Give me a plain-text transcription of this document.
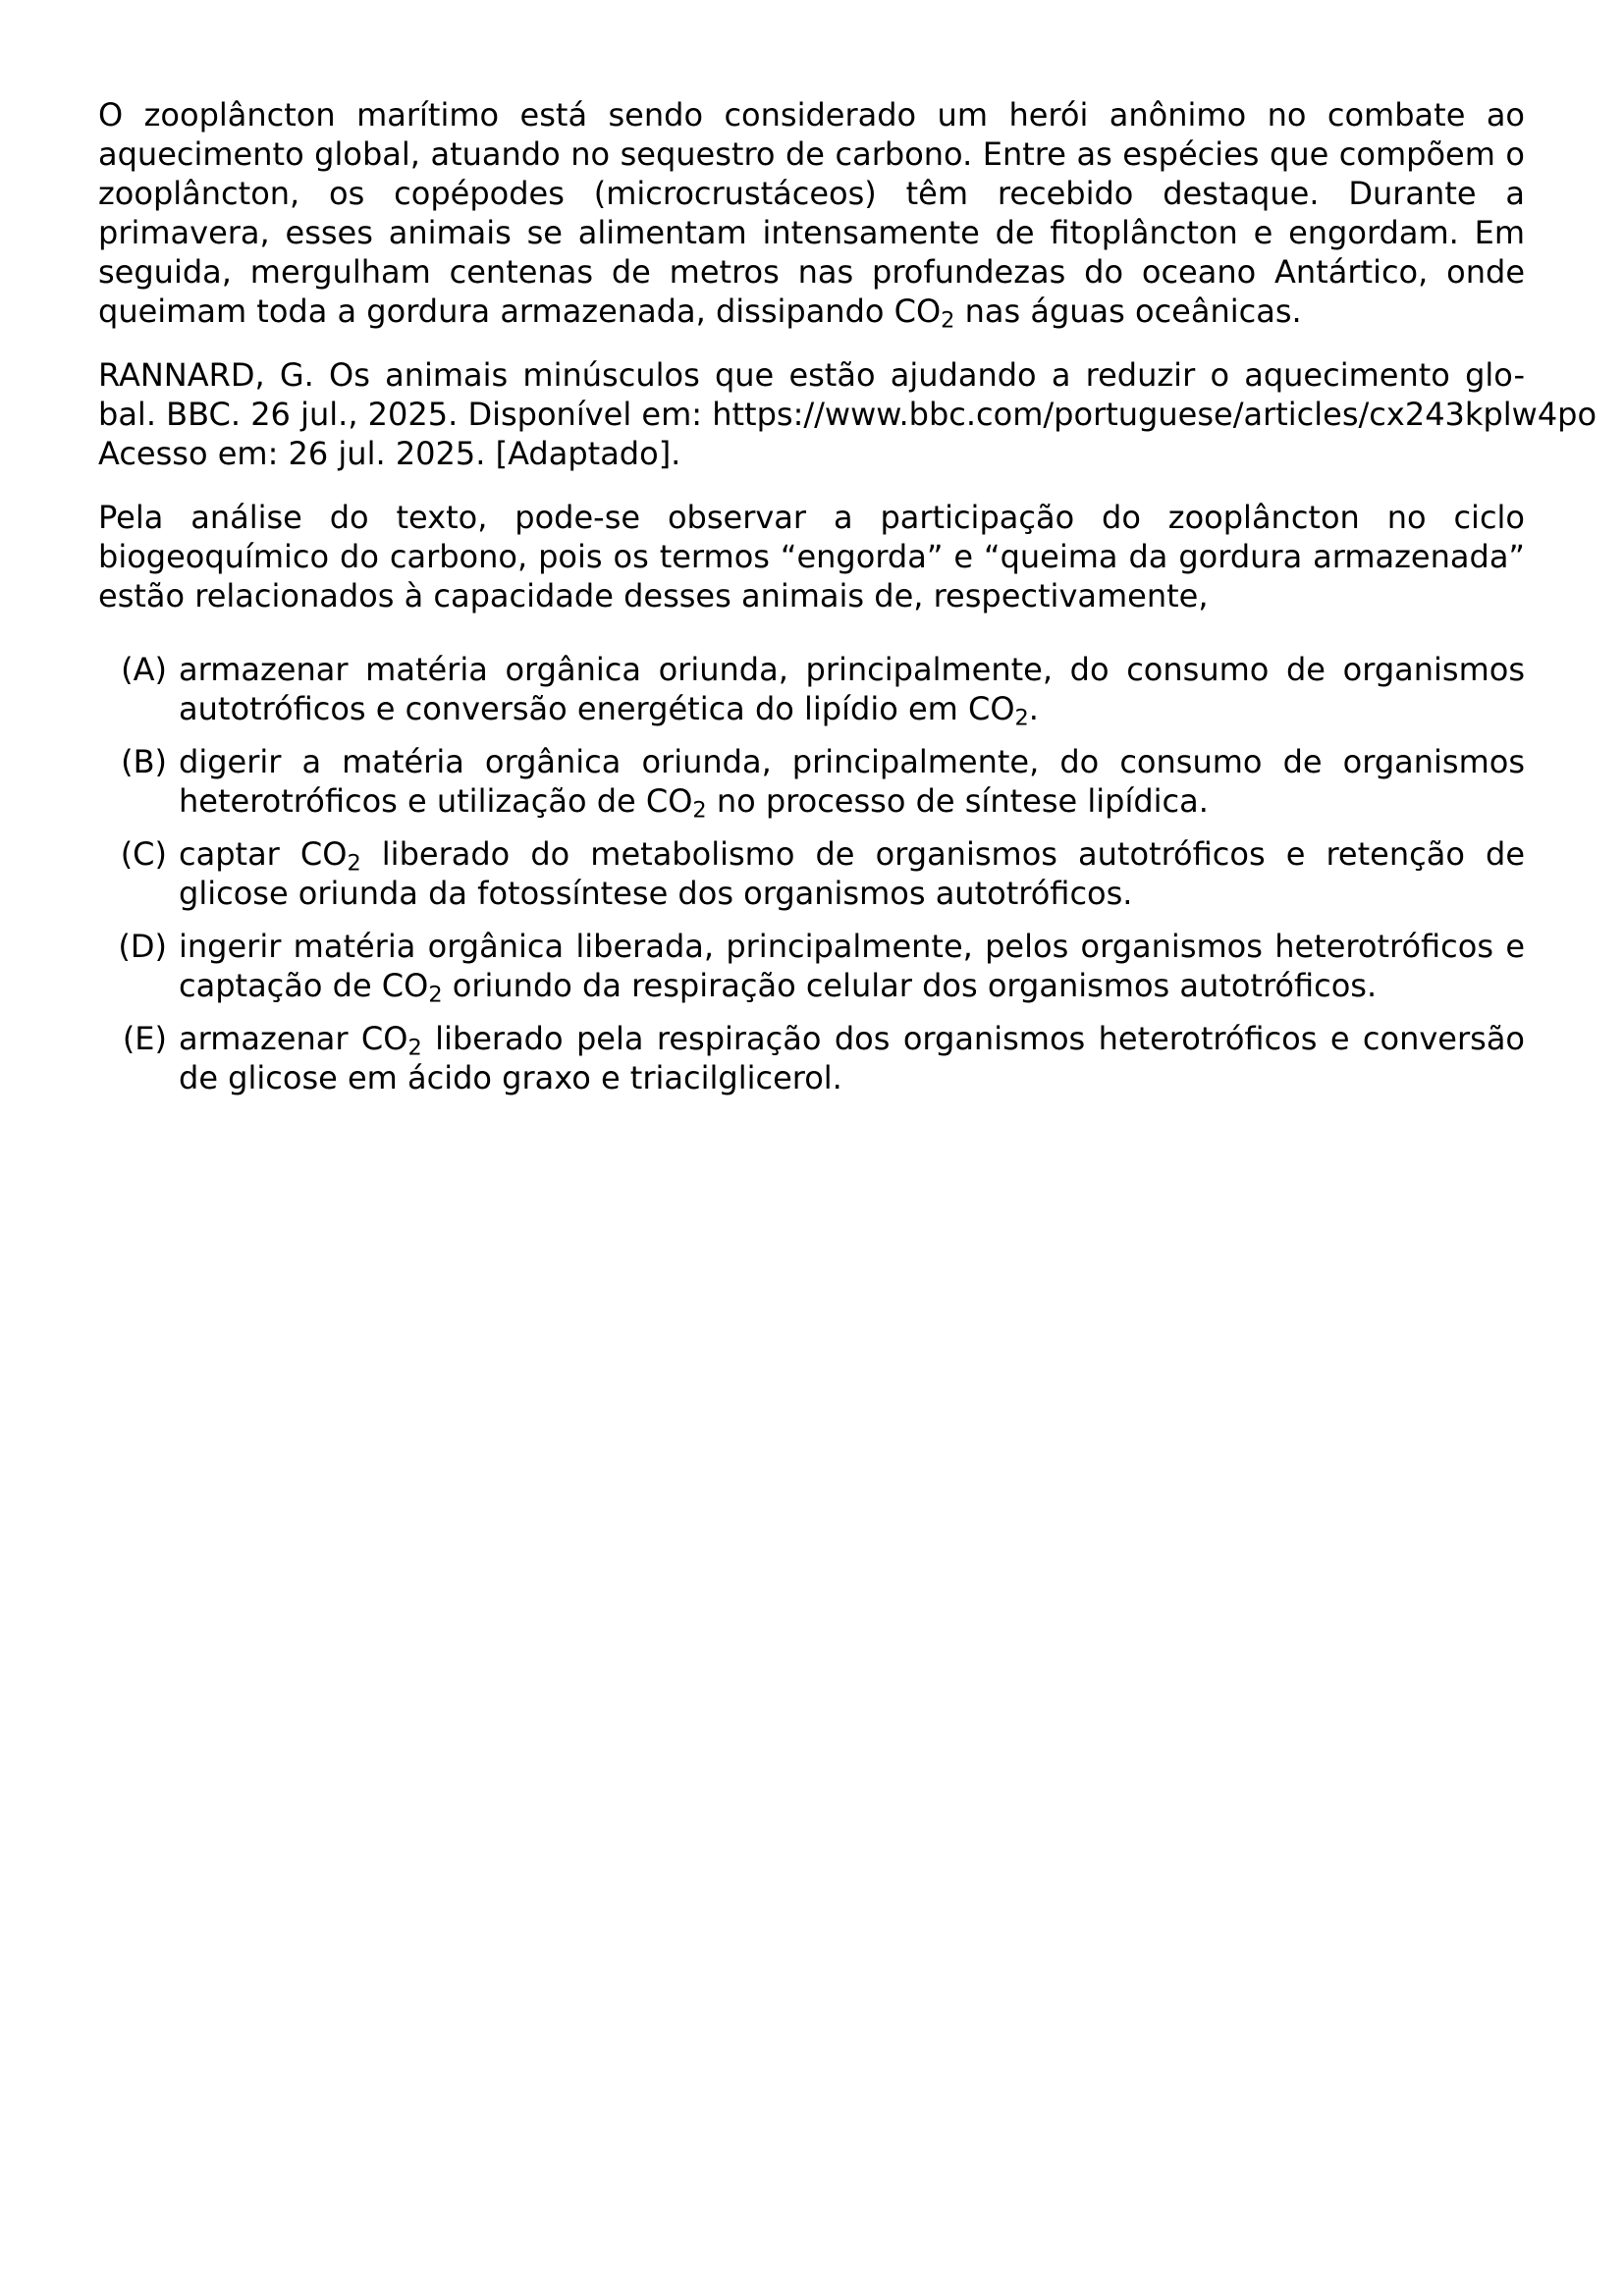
O zooplâncton marítimo está sendo considerado um herói anônimo no combate ao aquecimento global, atuando no sequestro de carbono. Entre as espécies que compõem o zooplâncton, os copépodes (microcrustáceos) têm recebido destaque. Durante a primavera, esses animais se alimentam intensamente de fitoplâncton e engordam. Em seguida, mergulham centenas de metros nas profundezas do oceano Antártico, onde queimam toda a gordura armazenada, dissipando $CO_2$ nas águas oceânicas.

RANNARD, G. Os animais minúsculos que estão ajudando a reduzir o aquecimento glo-
bal. BBC. 26 jul., 2025. Disponível em: https://www.bbc.com/portuguese/articles/cx243kplw4po
Acesso em: 26 jul. 2025. [Adaptado].

Pela análise do texto, pode-se observar a participação do zooplâncton no ciclo biogeoquímico do carbono, pois os termos “engorda” e “queima da gordura armazenada” estão relacionados à capacidade desses animais de, respectivamente,

(A) armazenar matéria orgânica oriunda, principalmente, do consumo de organismos autotróficos e conversão energética do lipídio em $CO_2$.
(B) digerir a matéria orgânica oriunda, principalmente, do consumo de organismos heterotróficos e utilização de $CO_2$ no processo de síntese lipídica.
(C) captar $CO_2$ liberado do metabolismo de organismos autotróficos e retenção de glicose oriunda da fotossíntese dos organismos autotróficos.
(D) ingerir matéria orgânica liberada, principalmente, pelos organismos heterotróficos e captação de $CO_2$ oriundo da respiração celular dos organismos autotróficos.
(E) armazenar $CO_2$ liberado pela respiração dos organismos heterotróficos e conversão de glicose em ácido graxo e triacilglicerol.
